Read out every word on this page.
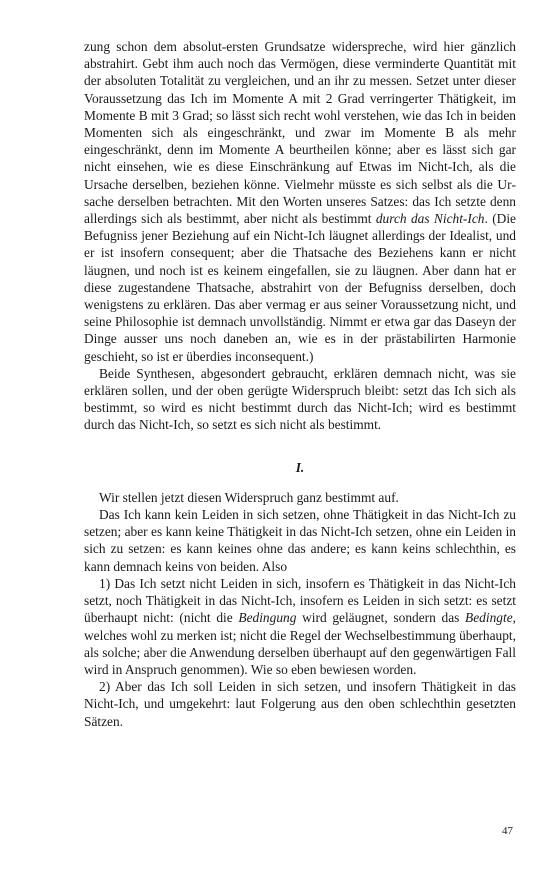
zung schon dem absolut-ersten Grundsatze widerspreche, wird hier gänzlich abstrahirt. Gebt ihm auch noch das Vermögen, diese verminderte Quantität mit der absoluten Totalität zu vergleichen, und an ihr zu messen. Setzet unter dieser Voraussetzung das Ich im Momente A mit 2 Grad verringerter Thätigkeit, im Momente B mit 3 Grad; so lässt sich recht wohl verstehen, wie das Ich in beiden Momenten sich als eingeschränkt, und zwar im Momente B als mehr eingeschränkt, denn im Momente A beurtheilen könne; aber es lässt sich gar nicht einsehen, wie es diese Einschränkung auf Etwas im Nicht-Ich, als die Ursache derselben, beziehen könne. Vielmehr müsste es sich selbst als die Ursache derselben betrachten. Mit den Worten unseres Satzes: das Ich setzte denn allerdings sich als bestimmt, aber nicht als bestimmt durch das Nicht-Ich. (Die Befugniss jener Beziehung auf ein Nicht-Ich läugnet allerdings der Idealist, und er ist insofern consequent; aber die Thatsache des Beziehens kann er nicht läugnen, und noch ist es keinem eingefallen, sie zu läugnen. Aber dann hat er diese zugestandene Thatsache, abstrahirt von der Befugniss derselben, doch wenigstens zu erklären. Das aber vermag er aus seiner Voraussetzung nicht, und seine Philosophie ist demnach unvollständig. Nimmt er etwa gar das Daseyn der Dinge ausser uns noch daneben an, wie es in der prästabilirten Harmonie geschieht, so ist er überdies inconsequent.)

Beide Synthesen, abgesondert gebraucht, erklären demnach nicht, was sie erklären sollen, und der oben gerügte Widerspruch bleibt: setzt das Ich sich als bestimmt, so wird es nicht bestimmt durch das Nicht-Ich; wird es bestimmt durch das Nicht-Ich, so setzt es sich nicht als bestimmt.

I.

Wir stellen jetzt diesen Widerspruch ganz bestimmt auf.

Das Ich kann kein Leiden in sich setzen, ohne Thätigkeit in das Nicht-Ich zu setzen; aber es kann keine Thätigkeit in das Nicht-Ich setzen, ohne ein Leiden in sich zu setzen: es kann keines ohne das andere; es kann keins schlechthin, es kann demnach keins von beiden. Also

1) Das Ich setzt nicht Leiden in sich, insofern es Thätigkeit in das Nicht-Ich setzt, noch Thätigkeit in das Nicht-Ich, insofern es Leiden in sich setzt: es setzt überhaupt nicht: (nicht die Bedingung wird geläugnet, sondern das Bedingte, welches wohl zu merken ist; nicht die Regel der Wechselbestimmung überhaupt, als solche; aber die Anwendung derselben überhaupt auf den gegenwärtigen Fall wird in Anspruch genommen). Wie so eben bewiesen worden.

2) Aber das Ich soll Leiden in sich setzen, und insofern Thätigkeit in das Nicht-Ich, und umgekehrt: laut Folgerung aus den oben schlechthin gesetzten Sätzen.

47
